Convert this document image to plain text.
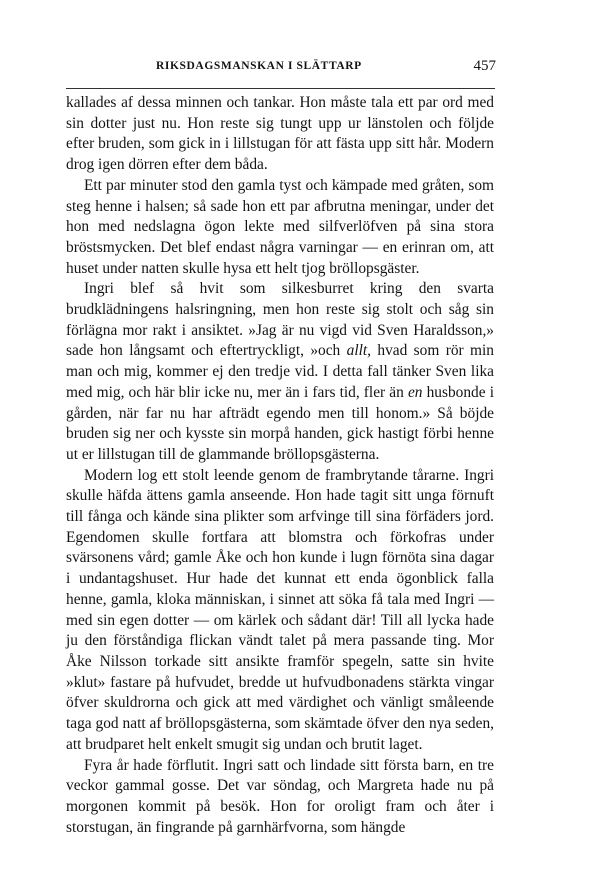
RIKSDAGSMANSKAN I SLÄTTARP	457

kallades af dessa minnen och tankar. Hon måste tala ett par ord med sin dotter just nu. Hon reste sig tungt upp ur länstolen och följde efter bruden, som gick in i lillstugan för att fästa upp sitt hår. Modern drog igen dörren efter dem båda.

Ett par minuter stod den gamla tyst och kämpade med gråten, som steg henne i halsen; så sade hon ett par afbrutna meningar, under det hon med nedslagna ögon lekte med silfverlöfven på sina stora bröstsmycken. Det blef endast några varningar — en erinran om, att huset under natten skulle hysa ett helt tjog bröllopsgäster.

Ingri blef så hvit som silkesburret kring den svarta brudklädningens halsringning, men hon reste sig stolt och såg sin förlägna mor rakt i ansiktet. »Jag är nu vigd vid Sven Haraldsson,» sade hon långsamt och eftertryckligt, »och allt, hvad som rör min man och mig, kommer ej den tredje vid. I detta fall tänker Sven lika med mig, och här blir icke nu, mer än i fars tid, fler än en husbonde i gården, när far nu har afträdt egendo men till honom.» Så böjde bruden sig ner och kysste sin morpå handen, gick hastigt förbi henne ut er lillstugan till de glammande bröllopsgästerna.

Modern log ett stolt leende genom de frambrytande tårarne. Ingri skulle häfda ättens gamla anseende. Hon hade tagit sitt unga förnuft till fånga och kände sina plikter som arfvinge till sina förfäders jord. Egendomen skulle fortfara att blomstra och förkofras under svärsonens vård; gamle Åke och hon kunde i lugn förnöta sina dagar i undantagshuset. Hur hade det kunnat ett enda ögonblick falla henne, gamla, kloka människan, i sinnet att söka få tala med Ingri — med sin egen dotter — om kärlek och sådant där! Till all lycka hade ju den förståndiga flickan vändt talet på mera passande ting. Mor Åke Nilsson torkade sitt ansikte framför spegeln, satte sin hvite »klut» fastare på hufvudet, bredde ut hufvudbonadens stärkta vingar öfver skuldrorna och gick att med värdighet och vänligt småleende taga god natt af bröllopsgästerna, som skämtade öfver den nya seden, att brudparet helt enkelt smugit sig undan och brutit laget.

Fyra år hade förflutit. Ingri satt och lindade sitt första barn, en tre veckor gammal gosse. Det var söndag, och Margreta hade nu på morgonen kommit på besök. Hon for oroligt fram och åter i storstugan, än fingrande på garnhärfvorna, som hängde
